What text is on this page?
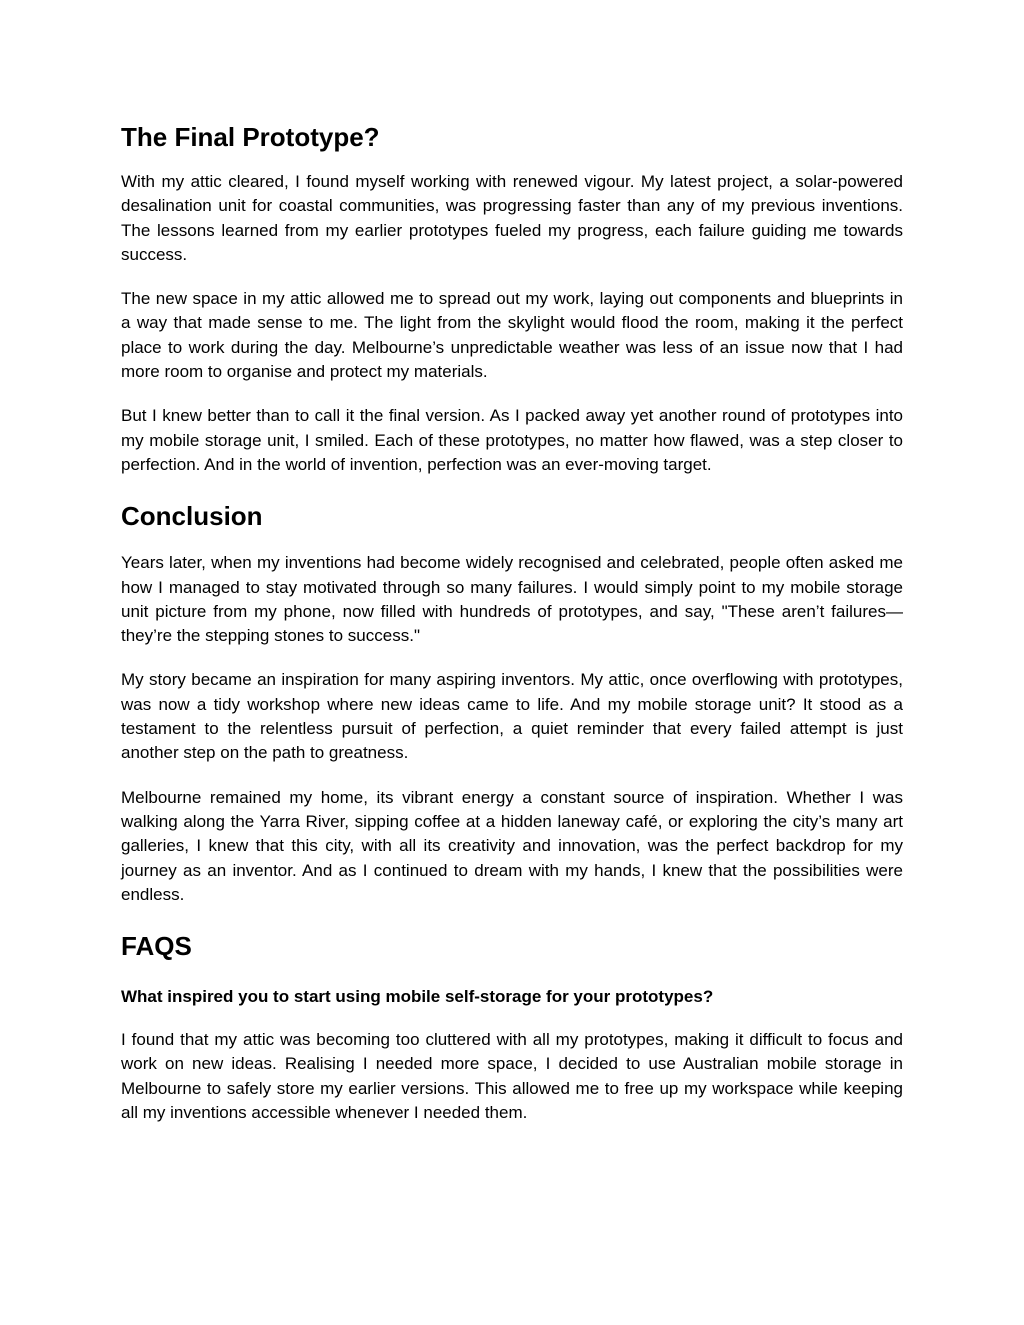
The Final Prototype?

With my attic cleared, I found myself working with renewed vigour. My latest project, a solar-powered desalination unit for coastal communities, was progressing faster than any of my previous inventions. The lessons learned from my earlier prototypes fueled my progress, each failure guiding me towards success.

The new space in my attic allowed me to spread out my work, laying out components and blueprints in a way that made sense to me. The light from the skylight would flood the room, making it the perfect place to work during the day. Melbourne’s unpredictable weather was less of an issue now that I had more room to organise and protect my materials.

But I knew better than to call it the final version. As I packed away yet another round of prototypes into my mobile storage unit, I smiled. Each of these prototypes, no matter how flawed, was a step closer to perfection. And in the world of invention, perfection was an ever-moving target.

Conclusion

Years later, when my inventions had become widely recognised and celebrated, people often asked me how I managed to stay motivated through so many failures. I would simply point to my mobile storage unit picture from my phone, now filled with hundreds of prototypes, and say, "These aren’t failures—they’re the stepping stones to success."

My story became an inspiration for many aspiring inventors. My attic, once overflowing with prototypes, was now a tidy workshop where new ideas came to life. And my mobile storage unit? It stood as a testament to the relentless pursuit of perfection, a quiet reminder that every failed attempt is just another step on the path to greatness.

Melbourne remained my home, its vibrant energy a constant source of inspiration. Whether I was walking along the Yarra River, sipping coffee at a hidden laneway café, or exploring the city’s many art galleries, I knew that this city, with all its creativity and innovation, was the perfect backdrop for my journey as an inventor. And as I continued to dream with my hands, I knew that the possibilities were endless.

FAQS
What inspired you to start using mobile self-storage for your prototypes?

I found that my attic was becoming too cluttered with all my prototypes, making it difficult to focus and work on new ideas. Realising I needed more space, I decided to use Australian mobile storage in Melbourne to safely store my earlier versions. This allowed me to free up my workspace while keeping all my inventions accessible whenever I needed them.
